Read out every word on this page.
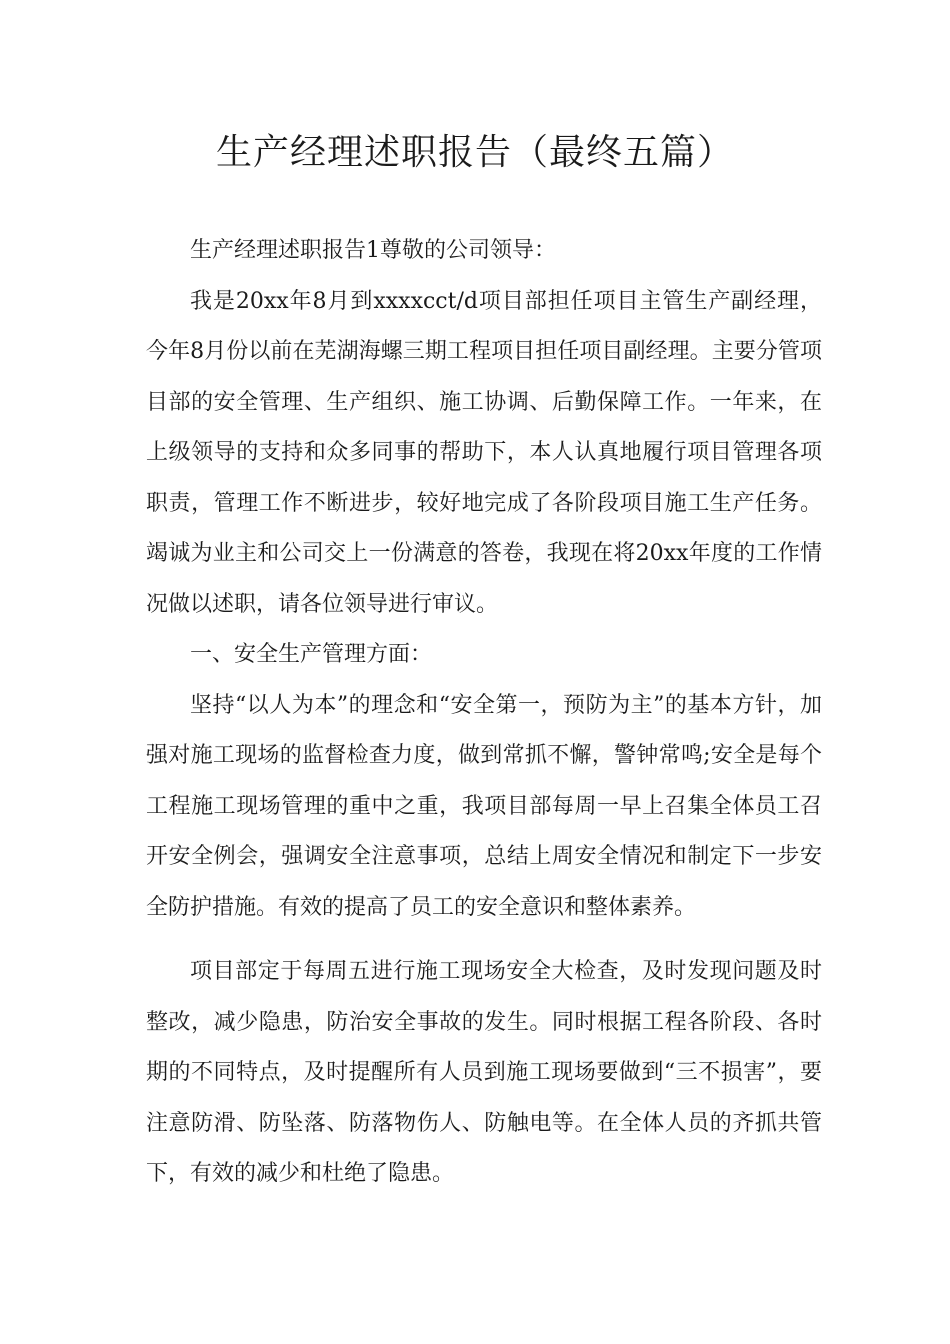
生产经理述职报告（最终五篇）

生产经理述职报告1尊敬的公司领导：

我是20xx年8月到xxxxcct/d项目部担任项目主管生产副经理，今年8月份以前在芜湖海螺三期工程项目担任项目副经理。主要分管项目部的安全管理、生产组织、施工协调、后勤保障工作。一年来，在上级领导的支持和众多同事的帮助下，本人认真地履行项目管理各项职责，管理工作不断进步，较好地完成了各阶段项目施工生产任务。竭诚为业主和公司交上一份满意的答卷，我现在将20xx年度的工作情况做以述职，请各位领导进行审议。

一、安全生产管理方面：

坚持“以人为本”的理念和“安全第一，预防为主”的基本方针，加强对施工现场的监督检查力度，做到常抓不懈，警钟常鸣;安全是每个工程施工现场管理的重中之重，我项目部每周一早上召集全体员工召开安全例会，强调安全注意事项，总结上周安全情况和制定下一步安全防护措施。有效的提高了员工的安全意识和整体素养。

项目部定于每周五进行施工现场安全大检查，及时发现问题及时整改，减少隐患，防治安全事故的发生。同时根据工程各阶段、各时期的不同特点，及时提醒所有人员到施工现场要做到“三不损害”，要注意防滑、防坠落、防落物伤人、防触电等。在全体人员的齐抓共管下，有效的减少和杜绝了隐患。
